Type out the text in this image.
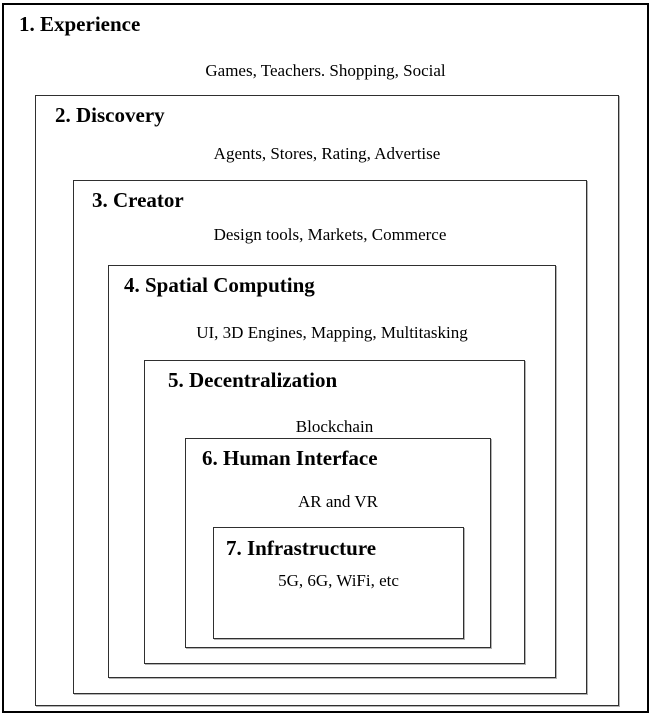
1. Experience
Games, Teachers. Shopping, Social
2. Discovery
Agents, Stores, Rating, Advertise
3. Creator
Design tools, Markets, Commerce
4. Spatial Computing
UI, 3D Engines, Mapping, Multitasking
5. Decentralization
Blockchain
6. Human Interface
AR and VR
7. Infrastructure
5G, 6G, WiFi, etc
